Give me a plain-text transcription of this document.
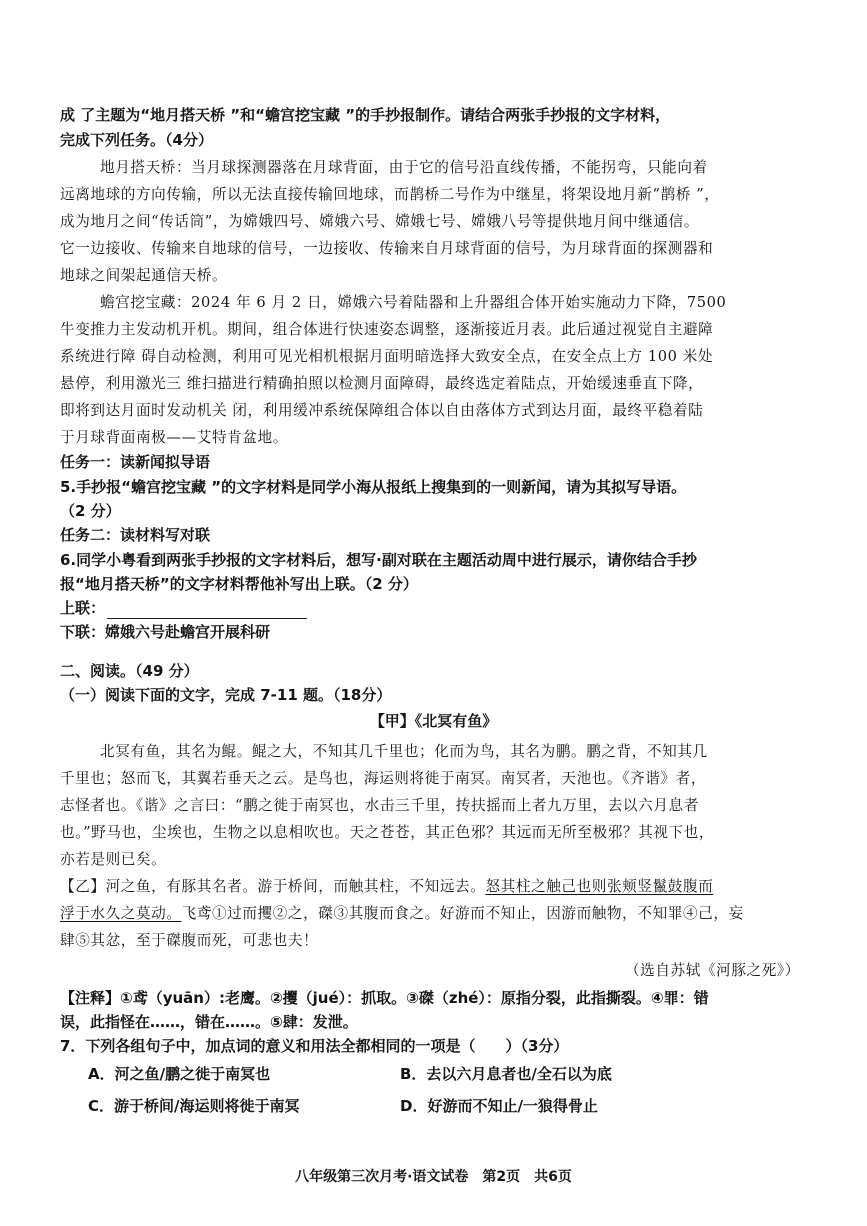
成 了主题为“地月搭天桥 ”和“蟾宫挖宝藏 ”的手抄报制作。请结合两张手抄报的文字材料，
完成下列任务。（4分）
地月搭天桥：当月球探测器落在月球背面，由于它的信号沿直线传播，不能拐弯，只能向着
远离地球的方向传输，所以无法直接传输回地球，而鹊桥二号作为中继星，将架设地月新“鹊桥 ”，
成为地月之间“传话筒”，为嫦娥四号、嫦娥六号、嫦娥七号、嫦娥八号等提供地月间中继通信。
它一边接收、传输来自地球的信号，一边接收、传输来自月球背面的信号，为月球背面的探测器和
地球之间架起通信天桥。
蟾宫挖宝藏：2024 年 6 月 2 日，嫦娥六号着陆器和上升器组合体开始实施动力下降，7500
牛变推力主发动机开机。期间，组合体进行快速姿态调整，逐渐接近月表。此后通过视觉自主避障
系统进行障 碍自动检测，利用可见光相机根据月面明暗选择大致安全点，在安全点上方 100 米处
悬停，利用激光三 维扫描进行精确拍照以检测月面障碍，最终选定着陆点，开始缓速垂直下降，
即将到达月面时发动机关 闭，利用缓冲系统保障组合体以自由落体方式到达月面，最终平稳着陆
于月球背面南极——艾特肯盆地。
任务一：读新闻拟导语
5.手抄报“蟾宫挖宝藏 ”的文字材料是同学小海从报纸上搜集到的一则新闻，请为其拟写导语。
（2 分）
任务二：读材料写对联
6.同学小粤看到两张手抄报的文字材料后，想写·副对联在主题活动周中进行展示，请你结合手抄
报“地月搭天桥”的文字材料帮他补写出上联。（2 分）
上联：
下联：嫦娥六号赴蟾宫开展科研
二、阅读。（49 分）
（一）阅读下面的文字，完成 7-11 题。（18分）
【甲】《北冥有鱼》
北冥有鱼，其名为鲲。鲲之大，不知其几千里也；化而为鸟，其名为鹏。鹏之背，不知其几
千里也；怒而飞，其翼若垂天之云。是鸟也，海运则将徙于南冥。南冥者，天池也。《齐谐》者，
志怪者也。《谐》之言曰：“鹏之徙于南冥也，水击三千里，抟扶摇而上者九万里，去以六月息者
也。”野马也，尘埃也，生物之以息相吹也。天之苍苍，其正色邪？其远而无所至极邪？其视下也，
亦若是则已矣。
【乙】河之鱼，有豚其名者。游于桥间，而触其柱，不知远去。怒其柱之触己也则张颊竖鬣鼓腹而
浮于水久之莫动。飞鸢①过而攫②之，磔③其腹而食之。好游而不知止，因游而触物，不知罪④己，妄
肆⑤其忿，至于磔腹而死，可悲也夫！
（选自苏轼《河豚之死》）
【注释】①鸢（yuān）:老鹰。②攫（jué）：抓取。③磔（zhé）：原指分裂，此指撕裂。④罪：错
误，此指怪在……，错在……。⑤肆：发泄。
7．下列各组句子中，加点词的意义和用法全都相同的一项是（　　）（3分）
A．河之鱼/鹏之徙于南冥也	B．去以六月息者也/全石以为底
C．游于桥间/海运则将徙于南冥	D．好游而不知止/一狼得骨止
八年级第三次月考·语文试卷　第2页　共6页
